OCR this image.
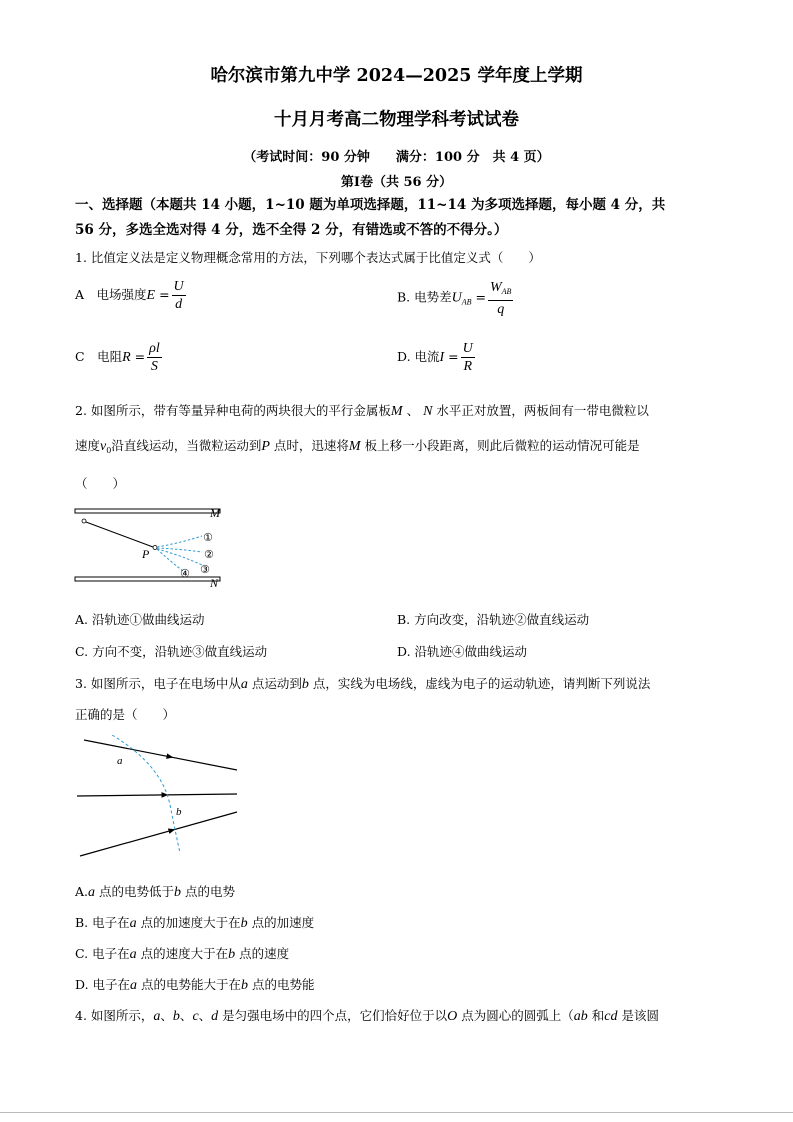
哈尔滨市第九中学 2024—2025 学年度上学期
十月月考高二物理学科考试试卷
（考试时间：90 分钟　　满分：100 分　共 4 页）
第Ⅰ卷（共 56 分）
一、选择题（本题共 14 小题，1~10 题为单项选择题，11~14 为多项选择题，每小题 4 分，共
56 分，多选全选对得 4 分，选不全得 2 分，有错选或不答的不得分。）
1. 比值定义法是定义物理概念常用的方法，下列哪个表达式属于比值定义式（　　）
A　电场强度$E = \frac{U}{d}$	B. 电势差$U_{AB} = \frac{W_{AB}}{q}$
C　电阻$R = \frac{\rho l}{S}$	D. 电流$I = \frac{U}{R}$
2. 如图所示，带有等量异种电荷的两块很大的平行金属板M 、 N 水平正对放置，两板间有一带电微粒以
速度$v_0$沿直线运动，当微粒运动到P 点时，迅速将M 板上移一小段距离，则此后微粒的运动情况可能是
（　　）
M
N
P
①
②
③
④
A. 沿轨迹①做曲线运动	B. 方向改变，沿轨迹②做直线运动
C. 方向不变，沿轨迹③做直线运动	D. 沿轨迹④做曲线运动
3. 如图所示，电子在电场中从a 点运动到b 点，实线为电场线，虚线为电子的运动轨迹，请判断下列说法
正确的是（　　）
a
b
A.a 点的电势低于b 点的电势
B. 电子在a 点的加速度大于在b 点的加速度
C. 电子在a 点的速度大于在b 点的速度
D. 电子在a 点的电势能大于在b 点的电势能
4. 如图所示，a、b、c、d 是匀强电场中的四个点，它们恰好位于以O 点为圆心的圆弧上（ab 和cd 是该圆
